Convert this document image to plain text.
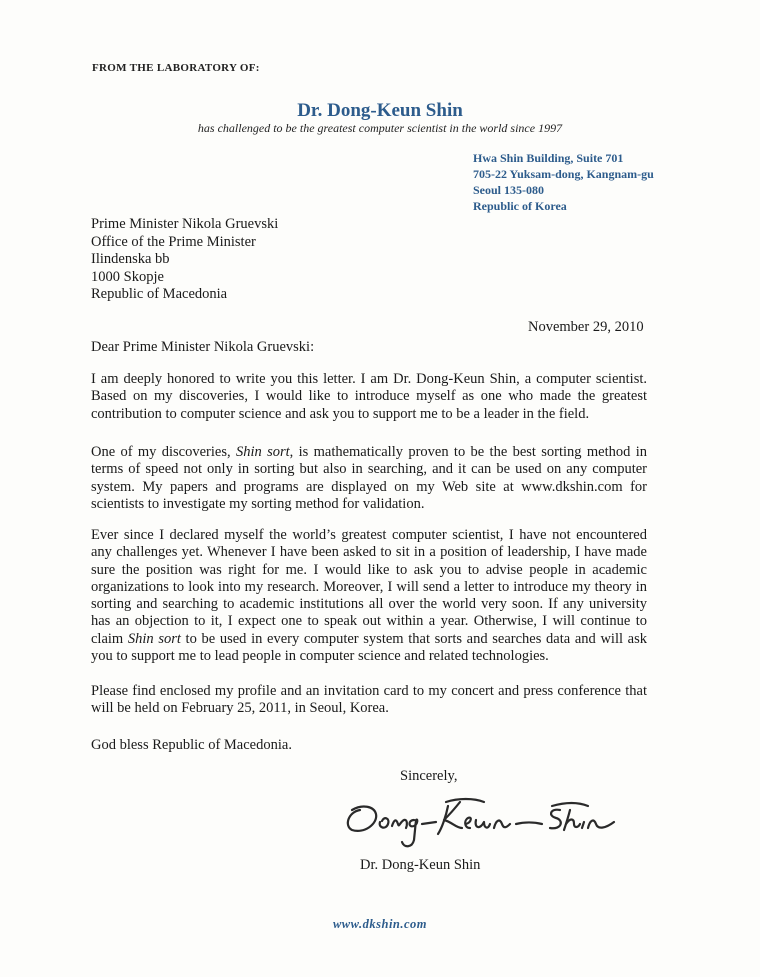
FROM THE LABORATORY OF:
Dr. Dong-Keun Shin
has challenged to be the greatest computer scientist in the world since 1997
Hwa Shin Building, Suite 701
705-22 Yuksam-dong, Kangnam-gu
Seoul 135-080
Republic of Korea
Prime Minister Nikola Gruevski
Office of the Prime Minister
Ilindenska bb
1000 Skopje
Republic of Macedonia
November 29, 2010
Dear Prime Minister Nikola Gruevski:

I am deeply honored to write you this letter. I am Dr. Dong-Keun Shin, a computer scientist. Based on my discoveries, I would like to introduce myself as one who made the greatest contribution to computer science and ask you to support me to be a leader in the field.

One of my discoveries, Shin sort, is mathematically proven to be the best sorting method in terms of speed not only in sorting but also in searching, and it can be used on any computer system. My papers and programs are displayed on my Web site at www.dkshin.com for scientists to investigate my sorting method for validation.

Ever since I declared myself the world’s greatest computer scientist, I have not encountered any challenges yet. Whenever I have been asked to sit in a position of leadership, I have made sure the position was right for me. I would like to ask you to advise people in academic organizations to look into my research. Moreover, I will send a letter to introduce my theory in sorting and searching to academic institutions all over the world very soon. If any university has an objection to it, I expect one to speak out within a year. Otherwise, I will continue to claim Shin sort to be used in every computer system that sorts and searches data and will ask you to support me to lead people in computer science and related technologies.

Please find enclosed my profile and an invitation card to my concert and press conference that will be held on February 25, 2011, in Seoul, Korea.

God bless Republic of Macedonia.

Sincerely,
Dong-Keun Shin
Dr. Dong-Keun Shin
www.dkshin.com
